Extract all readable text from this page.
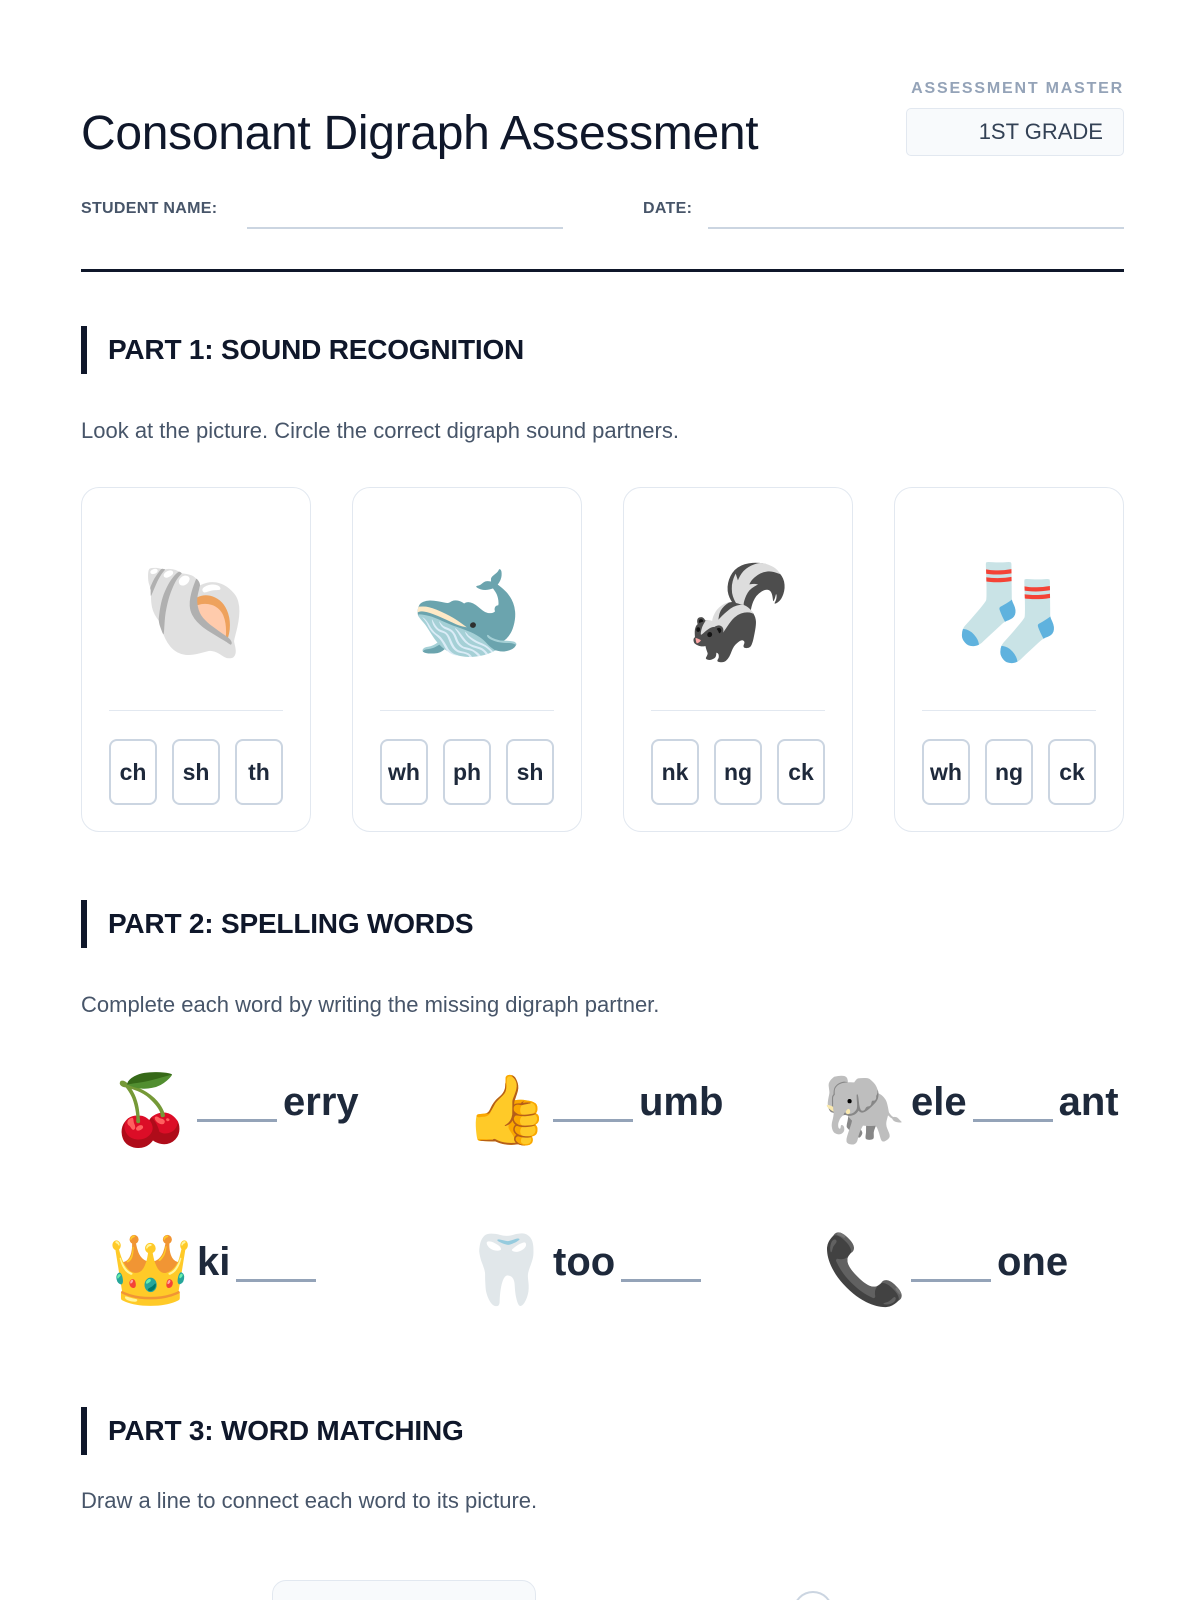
Consonant Digraph Assessment
ASSESSMENT MASTER
1ST GRADE
STUDENT NAME:	DATE:
PART 1: SOUND RECOGNITION

Look at the picture. Circle the correct digraph sound partners.

🐚
ch	sh	th
🐋
wh	ph	sh
🦨
nk	ng	ck
🧦
wh	ng	ck
PART 2: SPELLING WORDS

Complete each word by writing the missing digraph partner.

🍒	erry 👍	umb 🐘 ele ant
👑 ki	🦷 too	📞	one
PART 3: WORD MATCHING

Draw a line to connect each word to its picture.
